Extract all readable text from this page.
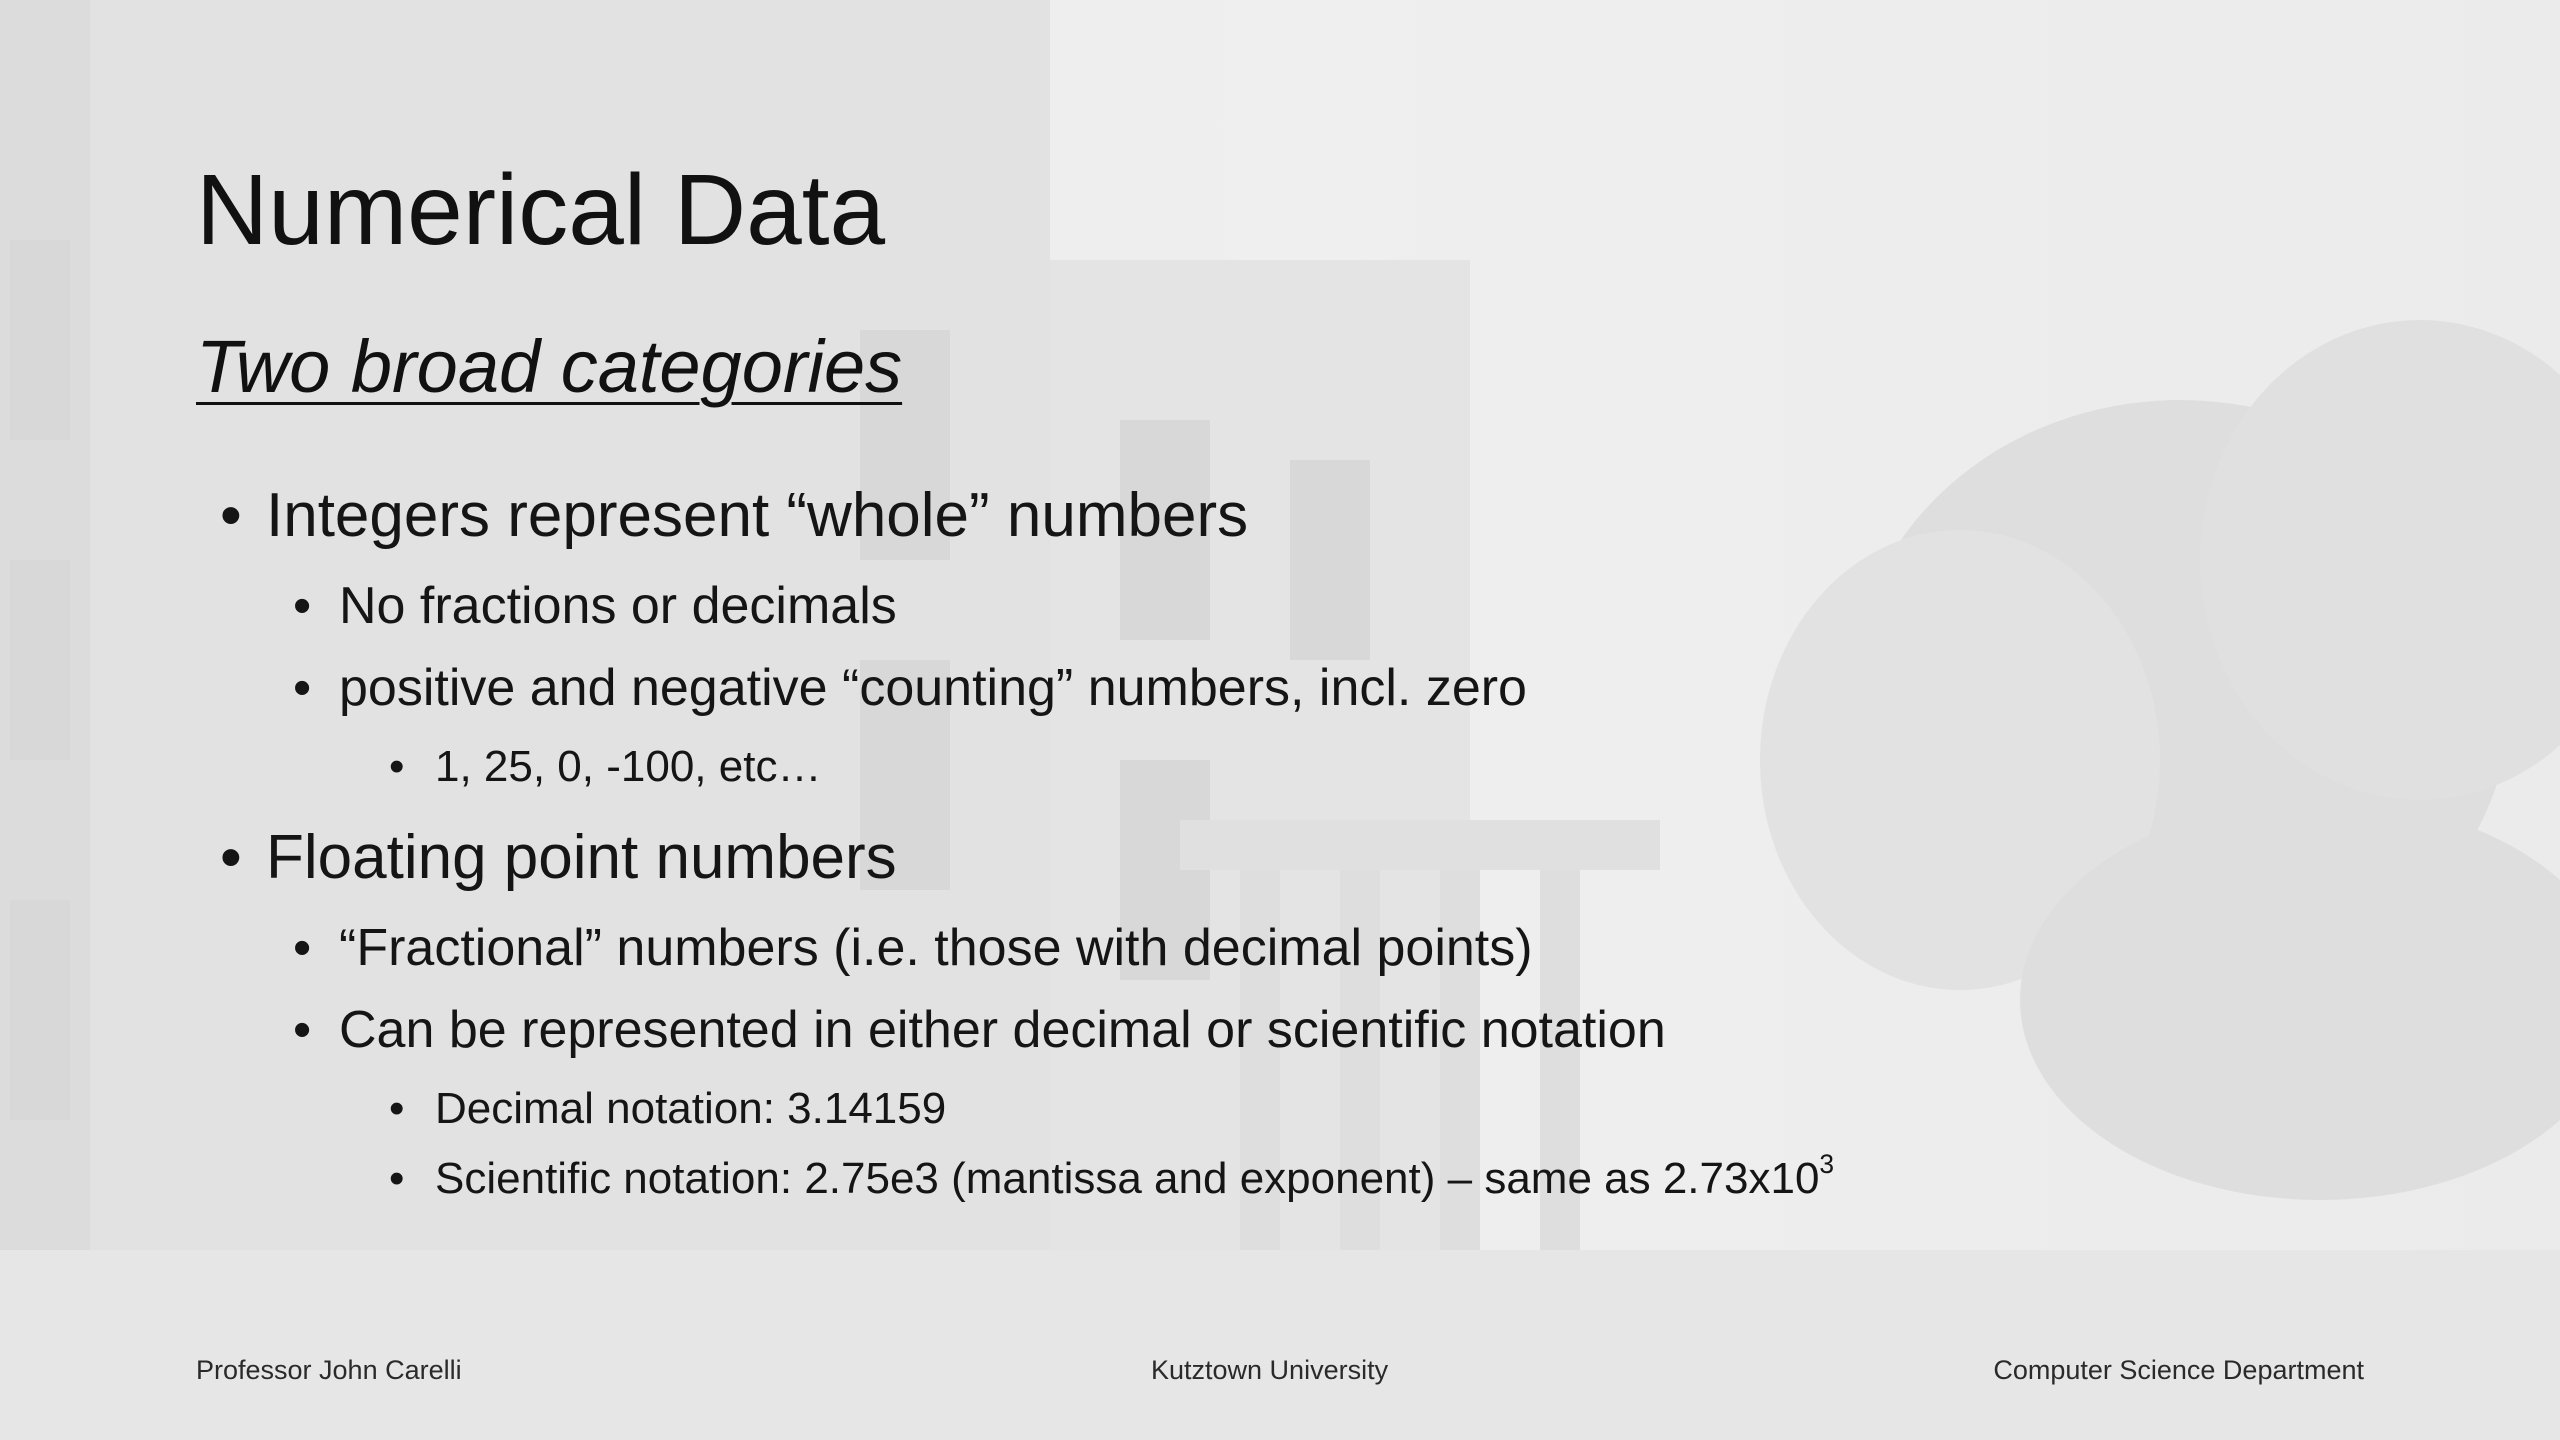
Numerical Data
Two broad categories
• Integers represent “whole” numbers
• No fractions or decimals
• positive and negative “counting” numbers, incl. zero
• 1, 25, 0, -100, etc…
• Floating point numbers
• “Fractional” numbers (i.e. those with decimal points)
• Can be represented in either decimal or scientific notation
• Decimal notation: 3.14159
• Scientific notation: 2.75e3 (mantissa and exponent) – same as $2.73x10^3$
Professor John Carelli	Kutztown University	Computer Science Department
